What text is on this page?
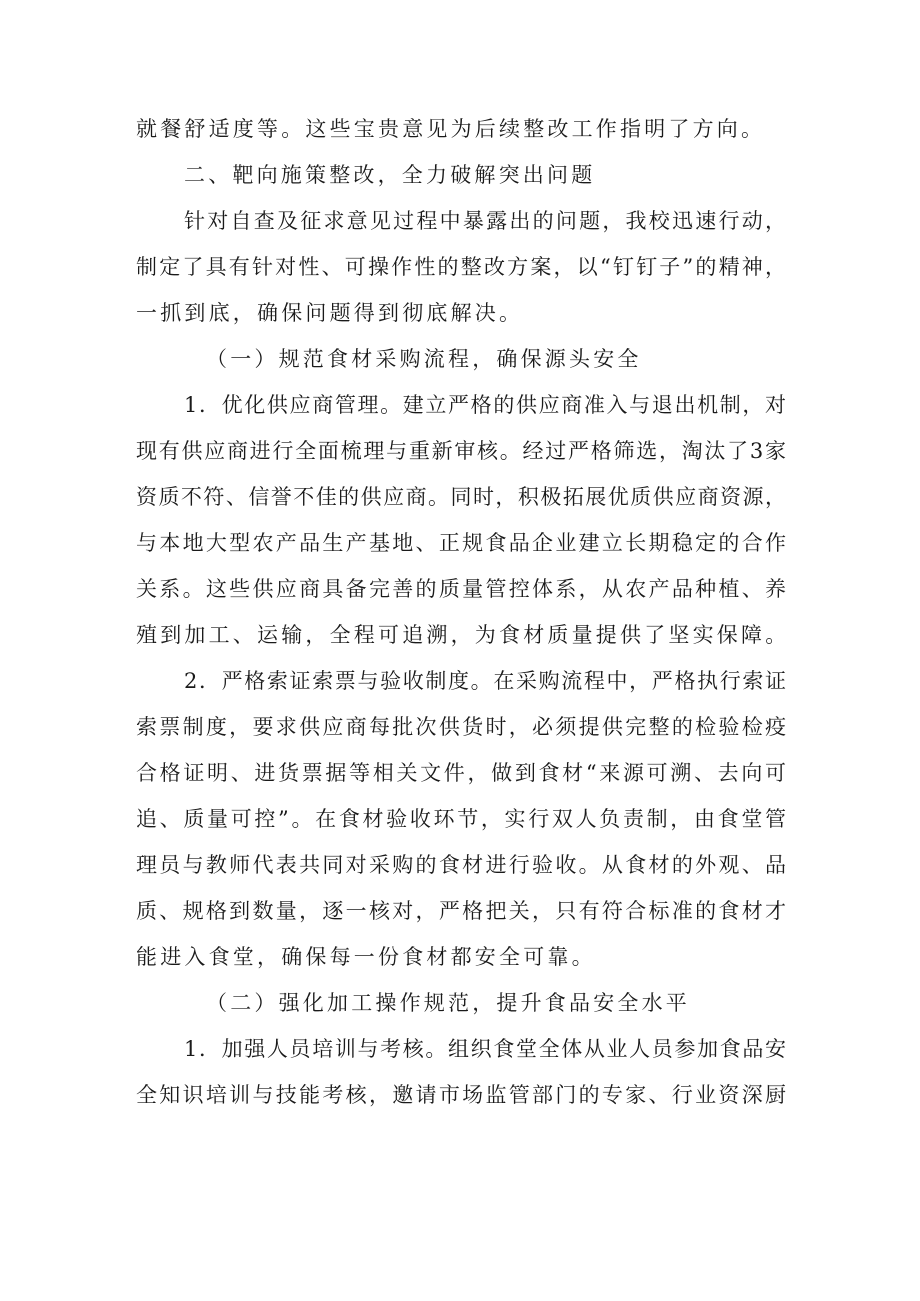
就餐舒适度等。这些宝贵意见为后续整改工作指明了方向。
二、靶向施策整改，全力破解突出问题
针对自查及征求意见过程中暴露出的问题，我校迅速行动，
制定了具有针对性、可操作性的整改方案，以“钉钉子”的精神，
一抓到底，确保问题得到彻底解决。
（一）规范食材采购流程，确保源头安全
1．优化供应商管理。建立严格的供应商准入与退出机制，对
现有供应商进行全面梳理与重新审核。经过严格筛选，淘汰了3家
资质不符、信誉不佳的供应商。同时，积极拓展优质供应商资源，
与本地大型农产品生产基地、正规食品企业建立长期稳定的合作
关系。这些供应商具备完善的质量管控体系，从农产品种植、养
殖到加工、运输，全程可追溯，为食材质量提供了坚实保障。
2．严格索证索票与验收制度。在采购流程中，严格执行索证
索票制度，要求供应商每批次供货时，必须提供完整的检验检疫
合格证明、进货票据等相关文件，做到食材“来源可溯、去向可
追、质量可控”。在食材验收环节，实行双人负责制，由食堂管
理员与教师代表共同对采购的食材进行验收。从食材的外观、品
质、规格到数量，逐一核对，严格把关，只有符合标准的食材才
能进入食堂，确保每一份食材都安全可靠。
（二）强化加工操作规范，提升食品安全水平
1．加强人员培训与考核。组织食堂全体从业人员参加食品安
全知识培训与技能考核，邀请市场监管部门的专家、行业资深厨
